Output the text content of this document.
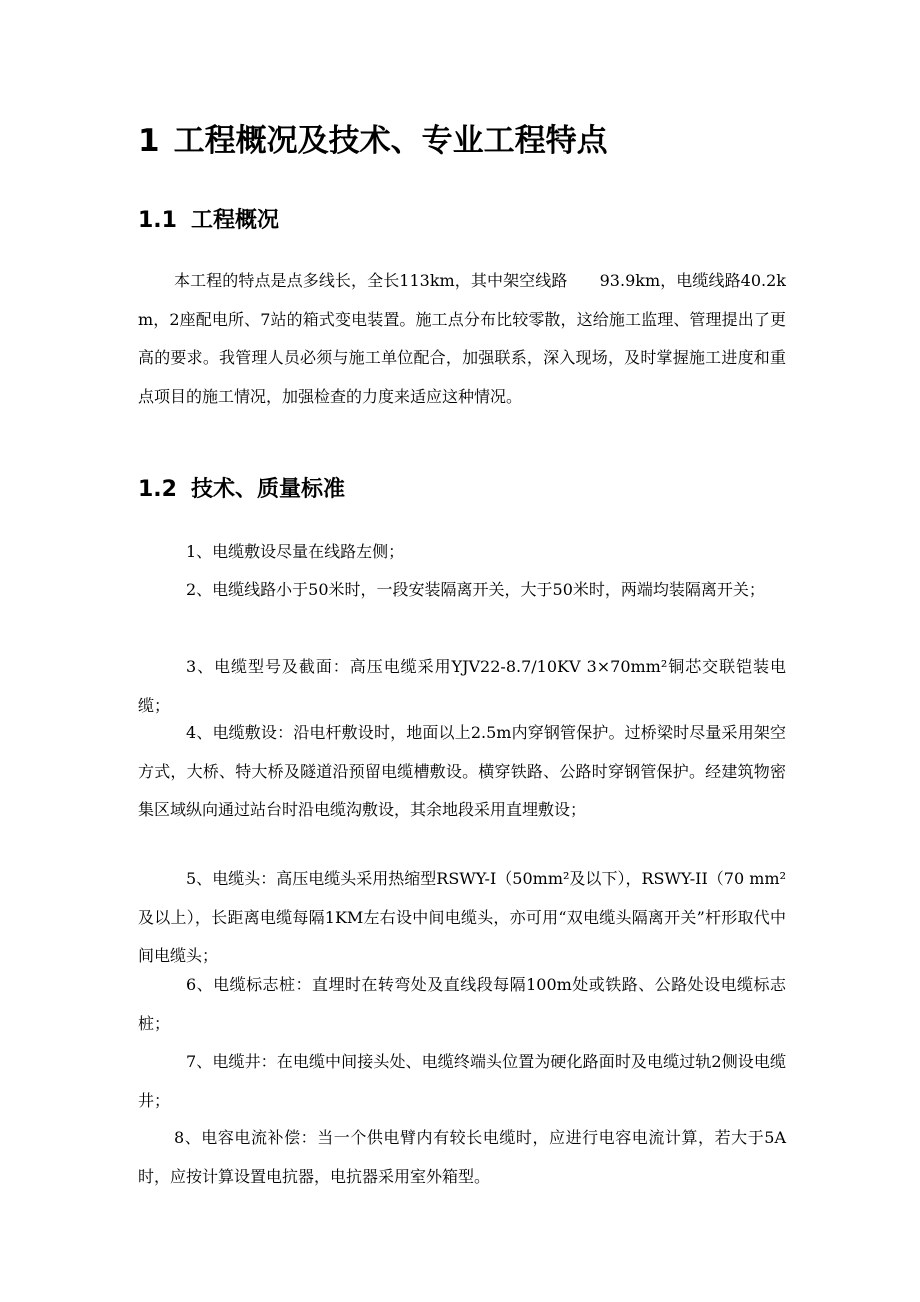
1 工程概况及技术、专业工程特点
1.1 工程概况

本工程的特点是点多线长，全长113km，其中架空线路　　93.9km，电缆线路40.2km，2座配电所、7站的箱式变电装置。施工点分布比较零散，这给施工监理、管理提出了更高的要求。我管理人员必须与施工单位配合，加强联系，深入现场，及时掌握施工进度和重点项目的施工情况，加强检查的力度来适应这种情况。

1.2 技术、质量标准

1、电缆敷设尽量在线路左侧；

2、电缆线路小于50米时，一段安装隔离开关，大于50米时，两端均装隔离开关；

3、电缆型号及截面：高压电缆采用YJV22-8.7/10KV 3×70mm²铜芯交联铠装电缆；

4、电缆敷设：沿电杆敷设时，地面以上2.5m内穿钢管保护。过桥梁时尽量采用架空方式，大桥、特大桥及隧道沿预留电缆槽敷设。横穿铁路、公路时穿钢管保护。经建筑物密集区域纵向通过站台时沿电缆沟敷设，其余地段采用直埋敷设；

5、电缆头：高压电缆头采用热缩型RSWY-I（50mm²及以下），RSWY-II（70 mm²及以上），长距离电缆每隔1KM左右设中间电缆头，亦可用“双电缆头隔离开关”杆形取代中间电缆头；

6、电缆标志桩：直埋时在转弯处及直线段每隔100m处或铁路、公路处设电缆标志桩；

7、电缆井：在电缆中间接头处、电缆终端头位置为硬化路面时及电缆过轨2侧设电缆井；

8、电容电流补偿：当一个供电臂内有较长电缆时，应进行电容电流计算，若大于5A时，应按计算设置电抗器，电抗器采用室外箱型。
